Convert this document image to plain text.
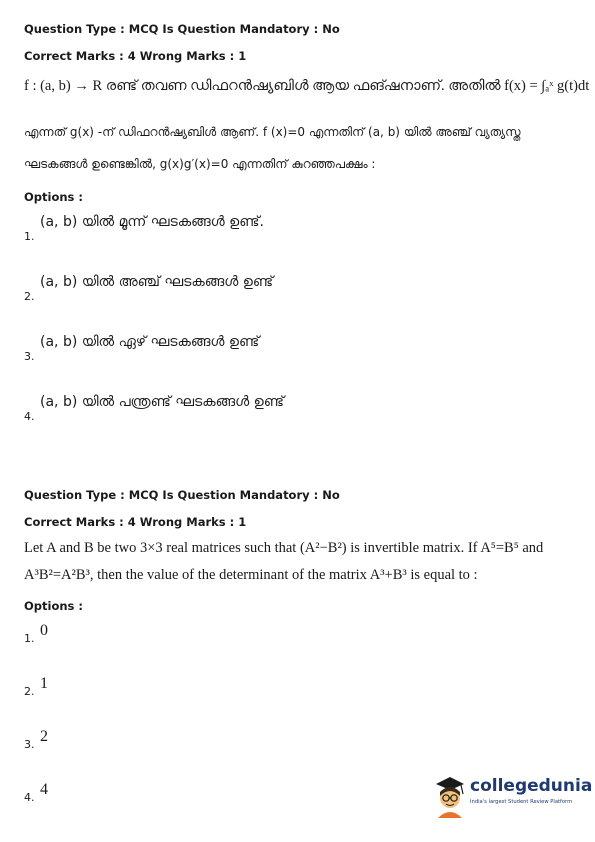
Question Type : MCQ Is Question Mandatory : No
Correct Marks : 4 Wrong Marks : 1
f : (a, b) → R രണ്ട് തവണ ഡിഫറൻഷ്യബിൾ ആയ ഫങ്ഷനാണ്. അതിൽ f(x) = ∫ₐˣ g(t)dt
എന്നത് g(x) -ന് ഡിഫറൻഷ്യബിൾ ആണ്. f (x)=0 എന്നതിന് (a, b) യിൽ അഞ്ച് വ്യത്യസ്ത
ഘടകങ്ങൾ ഉണ്ടെങ്കിൽ, g(x)g′(x)=0 എന്നതിന് കുറഞ്ഞപക്ഷം :
Options :
1.
(a, b) യിൽ മൂന്ന് ഘടകങ്ങൾ ഉണ്ട്.
2.
(a, b) യിൽ അഞ്ച് ഘടകങ്ങൾ ഉണ്ട്
3.
(a, b) യിൽ ഏഴ് ഘടകങ്ങൾ ഉണ്ട്
4.
(a, b) യിൽ പന്ത്രണ്ട് ഘടകങ്ങൾ ഉണ്ട്
Question Type : MCQ Is Question Mandatory : No
Correct Marks : 4 Wrong Marks : 1
Let A and B be two 3×3 real matrices such that (A²−B²) is invertible matrix. If A⁵=B⁵ and
A³B²=A²B³, then the value of the determinant of the matrix A³+B³ is equal to :
Options :
1. 0
2. 1
3. 2
4. 4	collegedunia
India's largest Student Review Platform
